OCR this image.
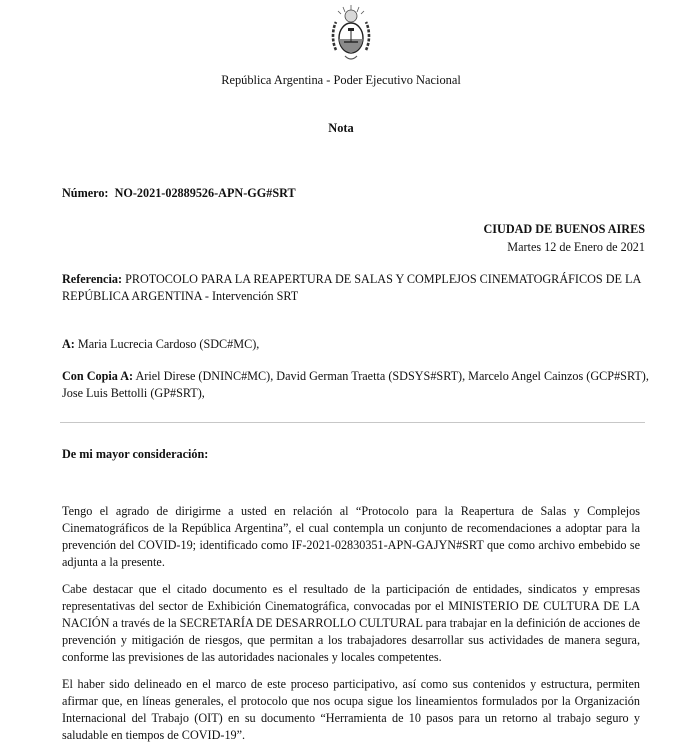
República Argentina - Poder Ejecutivo Nacional
Nota
Número: NO-2021-02889526-APN-GG#SRT
CIUDAD DE BUENOS AIRES
Martes 12 de Enero de 2021
Referencia: PROTOCOLO PARA LA REAPERTURA DE SALAS Y COMPLEJOS CINEMATOGRÁFICOS DE LA REPÚBLICA ARGENTINA - Intervención SRT
A: Maria Lucrecia Cardoso (SDC#MC),
Con Copia A: Ariel Direse (DNINC#MC), David German Traetta (SDSYS#SRT), Marcelo Angel Cainzos (GCP#SRT), Jose Luis Bettolli (GP#SRT),
De mi mayor consideración:

Tengo el agrado de dirigirme a usted en relación al “Protocolo para la Reapertura de Salas y Complejos Cinematográficos de la República Argentina”, el cual contempla un conjunto de recomendaciones a adoptar para la prevención del COVID-19; identificado como IF-2021-02830351-APN-GAJYN#SRT que como archivo embebido se adjunta a la presente.

Cabe destacar que el citado documento es el resultado de la participación de entidades, sindicatos y empresas representativas del sector de Exhibición Cinematográfica, convocadas por el MINISTERIO DE CULTURA DE LA NACIÓN a través de la SECRETARÍA DE DESARROLLO CULTURAL para trabajar en la definición de acciones de prevención y mitigación de riesgos, que permitan a los trabajadores desarrollar sus actividades de manera segura, conforme las previsiones de las autoridades nacionales y locales competentes.

El haber sido delineado en el marco de este proceso participativo, así como sus contenidos y estructura, permiten afirmar que, en líneas generales, el protocolo que nos ocupa sigue los lineamientos formulados por la Organización Internacional del Trabajo (OIT) en su documento “Herramienta de 10 pasos para un retorno al trabajo seguro y saludable en tiempos de COVID-19”.
